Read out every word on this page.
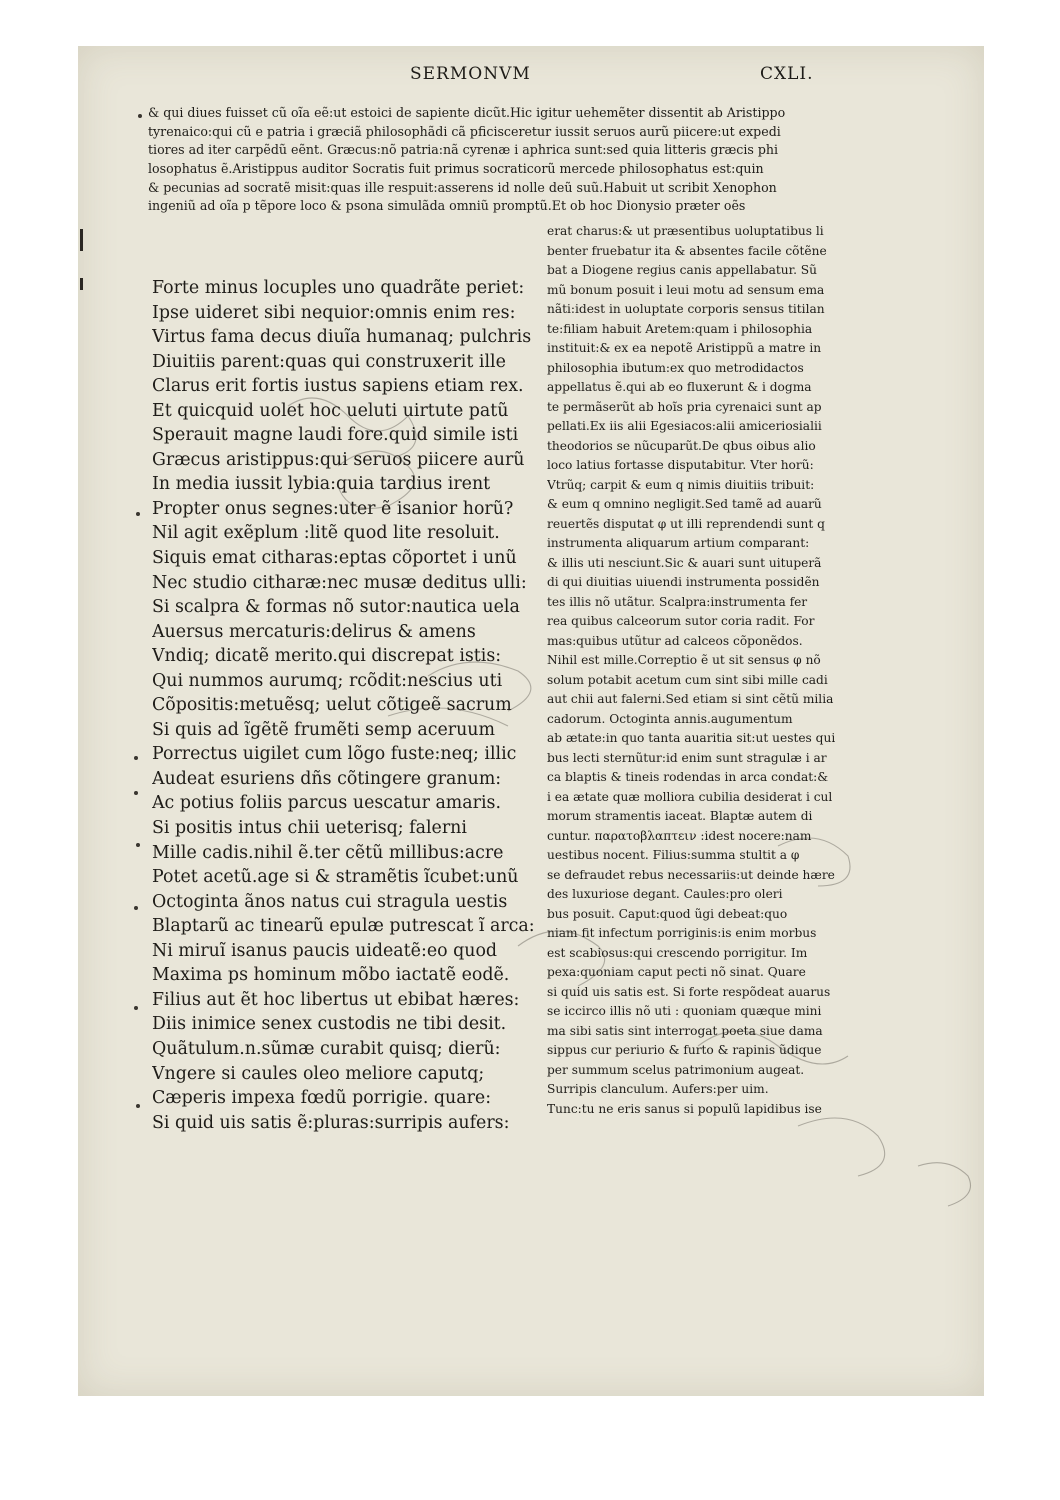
SERMONVM	CXLI.
& qui diues fuisset cũ oĩa eẽ:ut estoici de sapiente dicũt.Hic igitur uehemẽter dissentit ab Aristippo
tyrenaico:qui cũ e patria i græciã philosophãdi cã pficisceretur iussit seruos aurũ piicere:ut expedi
tiores ad iter carpẽdũ eẽnt. Græcus:nõ patria:nã cyrenæ i aphrica sunt:sed quia litteris græcis phi
losophatus ẽ.Aristippus auditor Socratis fuit primus socraticorũ mercede philosophatus est:quin
& pecunias ad socratẽ misit:quas ille respuit:asserens id nolle deũ suũ.Habuit ut scribit Xenophon
ingeniũ ad oĩa p tẽpore loco & psona simulãda omniũ promptũ.Et ob hoc Dionysio præter oẽs
Forte minus locuples uno quadrãte periet:
Ipse uideret sibi nequior:omnis enim res:
Virtus fama decus diuĩa humanaq; pulchris
Diuitiis parent:quas qui construxerit ille
Clarus erit fortis iustus sapiens etiam rex.
Et quicquid uolet hoc ueluti uirtute patũ
Sperauit magne laudi fore.quid simile isti
Græcus aristippus:qui seruos piicere aurũ
In media iussit lybia:quia tardius irent
Propter onus segnes:uter ẽ isanior horũ?
Nil agit exẽplum :litẽ quod lite resoluit.
Siquis emat citharas:eptas cõportet i unũ
Nec studio citharæ:nec musæ deditus ulli:
Si scalpra & formas nõ sutor:nautica uela
Auersus mercaturis:delirus & amens
Vndiq; dicatẽ merito.qui discrepat istis:
Qui nummos aurumq; rcõdit:nescius uti
Cõpositis:metuẽsq; uelut cõtigeẽ sacrum
Si quis ad ĩgẽtẽ frumẽti semp aceruum
Porrectus uigilet cum lõgo fuste:neq; illic
Audeat esuriens dñs cõtingere granum:
Ac potius foliis parcus uescatur amaris.
Si positis intus chii ueterisq; falerni
Mille cadis.nihil ẽ.ter cẽtũ millibus:acre
Potet acetũ.age si & stramẽtis ĩcubet:unũ
Octoginta ãnos natus cui stragula uestis
Blaptarũ ac tinearũ epulæ putrescat ĩ arca:
Ni miruĩ isanus paucis uideatẽ:eo quod
Maxima ps hominum mõbo iactatẽ eodẽ.
Filius aut ẽt hoc libertus ut ebibat hæres:
Diis inimice senex custodis ne tibi desit.
Quãtulum.n.sũmæ curabit quisq; dierũ:
Vngere si caules oleo meliore caputq;
Cæperis impexa fœdũ porrigie. quare:
Si quid uis satis ẽ:pluras:surripis aufers:
erat charus:& ut præsentibus uoluptatibus li
benter fruebatur ita & absentes facile cõtẽne
bat a Diogene regius canis appellabatur. Sũ
mũ bonum posuit i leui motu ad sensum ema
nãti:idest in uoluptate corporis sensus titilan
te:filiam habuit Aretem:quam i philosophia
instituit:& ex ea nepotẽ Aristippũ a matre in
philosophia ibutum:ex quo metrodidactos
appellatus ẽ.qui ab eo fluxerunt & i dogma
te permãserũt ab hoĩs pria cyrenaici sunt ap
pellati.Ex iis alii Egesiacos:alii amiceriosialii
theodorios se nũcuparũt.De qbus oibus alio
loco latius fortasse disputabitur. Vter horũ:
Vtrũq; carpit & eum q nimis diuitiis tribuit:
& eum q omnino negligit.Sed tamẽ ad auarũ
reuertẽs disputat φ ut illi reprendendi sunt q
instrumenta aliquarum artium comparant:
& illis uti nesciunt.Sic & auari sunt uituperã
di qui diuitias uiuendi instrumenta possidẽn
tes illis nõ utãtur. Scalpra:instrumenta fer
rea quibus calceorum sutor coria radit. For
mas:quibus utũtur ad calceos cõponẽdos.
Nihil est mille.Correptio ẽ ut sit sensus φ nõ
solum potabit acetum cum sint sibi mille cadi
aut chii aut falerni.Sed etiam si sint cẽtũ milia
cadorum. Octoginta annis.augumentum
ab ætate:in quo tanta auaritia sit:ut uestes qui
bus lecti sternũtur:id enim sunt stragulæ i ar
ca blaptis & tineis rodendas in arca condat:&
i ea ætate quæ molliora cubilia desiderat i cul
morum stramentis iaceat. Blaptæ autem di
cuntur. παρατοβλαπτειν :idest nocere:nam
uestibus nocent. Filius:summa stultit a φ
se defraudet rebus necessariis:ut deinde hære
des luxuriose degant. Caules:pro oleri
bus posuit. Caput:quod ũgi debeat:quo
niam fit infectum porriginis:is enim morbus
est scabiosus:qui crescendo porrigitur. Im
pexa:quoniam caput pecti nõ sinat. Quare
si quid uis satis est. Si forte respõdeat auarus
se iccirco illis nõ uti : quoniam quæque mini
ma sibi satis sint interrogat poeta siue dama
sippus cur periurio & furto & rapinis ũdique
per summum scelus patrimonium augeat.
Surripis clanculum. Aufers:per uim.
Tunc:tu ne eris sanus si populũ lapidibus ise
